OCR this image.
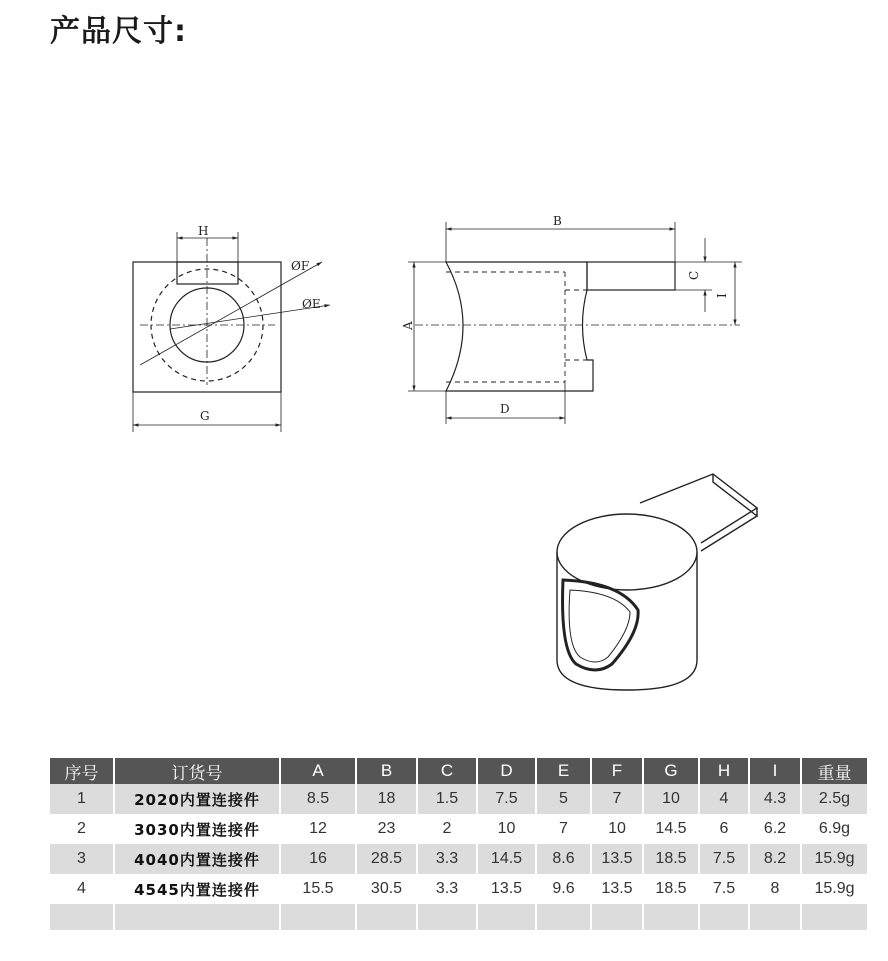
产品尺寸:
H
G
ØF
ØE
B
A
D
C
I
序号	订货号	A	B	C	D	E	F	G	H	I	重量
1	2020内置连接件	8.5	18	1.5	7.5	5	7	10	4	4.3	2.5g
2	3030内置连接件	12	23	2	10	7	10	14.5	6	6.2	6.9g
3	4040内置连接件	16	28.5	3.3	14.5	8.6	13.5	18.5	7.5	8.2	15.9g
4	4545内置连接件	15.5	30.5	3.3	13.5	9.6	13.5	18.5	7.5	8	15.9g
